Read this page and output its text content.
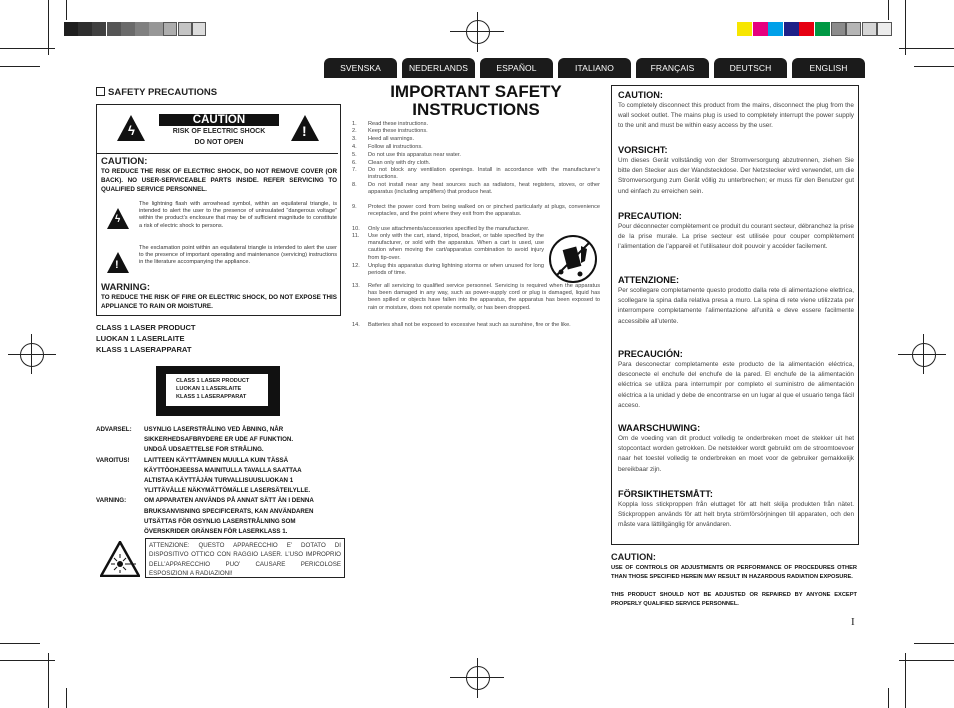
SVENSKA	NEDERLANDS	ESPAÑOL	ITALIANO	FRANÇAIS	DEUTSCH	ENGLISH
SAFETY PRECAUTIONS
ϟ
CAUTION
RISK OF ELECTRIC SHOCK
DO NOT OPEN
!
CAUTION:
TO REDUCE THE RISK OF ELECTRIC SHOCK, DO NOT REMOVE COVER (OR BACK). NO USER-SERVICEABLE PARTS INSIDE. REFER SERVICING TO QUALIFIED SERVICE PERSONNEL.
ϟ
The lightning flash with arrowhead symbol, within an equilateral triangle, is intended to alert the user to the presence of uninsulated “dangerous voltage” within the product’s enclosure that may be of sufficient magnitude to constitute a risk of electric shock to persons.
!
The exclamation point within an equilateral triangle is intended to alert the user to the presence of important operating and maintenance (servicing) instructions in the literature accompanying the appliance.
WARNING:
TO REDUCE THE RISK OF FIRE OR ELECTRIC SHOCK, DO NOT EXPOSE THIS APPLIANCE TO RAIN OR MOISTURE.
CLASS 1 LASER PRODUCT
LUOKAN 1 LASERLAITE
KLASS 1 LASERAPPARAT
CLASS 1 LASER PRODUCT
LUOKAN 1 LASERLAITE
KLASS 1 LASERAPPARAT
ADVARSEL: USYNLIG LASERSTRÅLING VED ÅBNING, NÅR
SIKKERHEDSAFBRYDERE ER UDE AF FUNKTION.
UNDGÅ UDSAETTELSE FOR STRÅLING.
VAROITUS! LAITTEEN KÄYTTÄMINEN MUULLA KUIN TÄSSÄ
KÄYTTÖOHJEESSA MAINITULLA TAVALLA SAATTAA
ALTISTAA KÄYTTÄJÄN TURVALLISUUSLUOKAN 1
YLITTÄVÄLLE NÄKYMÄTTÖMÄLLE LASERSÄTEILYLLE.
VARNING:	OM APPARATEN ANVÄNDS PÅ ANNAT SÄTT ÄN I DENNA
BRUKSANVISNING SPECIFICERATS, KAN ANVÄNDAREN
UTSÄTTAS FÖR OSYNLIG LASERSTRÅLNING SOM
ÖVERSKRIDER GRÄNSEN FÖR LASERKLASS 1.
ATTENZIONE: QUESTO APPARECCHIO E’ DOTATO DI DISPOSITIVO OTTICO CON RAGGIO LASER. L’USO IMPROPRIO DELL’APPARECCHIO PUO’ CAUSARE PERICOLOSE ESPOSIZIONI A RADIAZIONI!
IMPORTANT SAFETY
INSTRUCTIONS
1.	Read these instructions.
2.	Keep these instructions.
3.	Heed all warnings.
4.	Follow all instructions.
5.	Do not use this apparatus near water.
6.	Clean only with dry cloth.
7.	Do not block any ventilation openings. Install in accordance with the manufacturer’s instructions.
8.	Do not install near any heat sources such as radiators, heat registers, stoves, or other apparatus (including amplifiers) that produce heat.
9.	Protect the power cord from being walked on or pinched particularly at plugs, convenience receptacles, and the point where they exit from the apparatus.
10.	Only use attachments/accessories specified by the manufacturer.
11.	Use only with the cart, stand, tripod, bracket, or table specified by the manufacturer, or sold with the apparatus. When a cart is used, use caution when moving the cart/apparatus combination to avoid injury from tip-over.
12.	Unplug this apparatus during lightning storms or when unused for long periods of time.
13.	Refer all servicing to qualified service personnel. Servicing is required when the apparatus has been damaged in any way, such as power-supply cord or plug is damaged, liquid has been spilled or objects have fallen into the apparatus, the apparatus has been exposed to rain or moisture, does not operate normally, or has been dropped.
14.	Batteries shall not be exposed to excessive heat such as sunshine, fire or the like.
CAUTION:
To completely disconnect this product from the mains, disconnect the plug from the wall socket outlet. The mains plug is used to completely interrupt the power supply to the unit and must be within easy access by the user.
VORSICHT:
Um dieses Gerät vollständig von der Stromversorgung abzutrennen, ziehen Sie bitte den Stecker aus der Wandsteckdose. Der Netzstecker wird verwendet, um die Stromversorgung zum Gerät völlig zu unterbrechen; er muss für den Benutzer gut und einfach zu erreichen sein.
PRECAUTION:
Pour déconnecter complètement ce produit du courant secteur, débranchez la prise de la prise murale. La prise secteur est utilisée pour couper complètement l’alimentation de l’appareil et l’utilisateur doit pouvoir y accéder facilement.
ATTENZIONE:
Per scollegare completamente questo prodotto dalla rete di alimentazione elettrica, scollegare la spina dalla relativa presa a muro. La spina di rete viene utilizzata per interrompere completamente l’alimentazione all’unità e deve essere facilmente accessibile all’utente.
PRECAUCIÓN:
Para desconectar completamente este producto de la alimentación eléctrica, desconecte el enchufe del enchufe de la pared. El enchufe de la alimentación eléctrica se utiliza para interrumpir por completo el suministro de alimentación eléctrica a la unidad y debe de encontrarse en un lugar al que el usuario tenga fácil acceso.
WAARSCHUWING:
Om de voeding van dit product volledig te onderbreken moet de stekker uit het stopcontact worden getrokken. De netstekker wordt gebruikt om de stroomtoevoer naar het toestel volledig te onderbreken en moet voor de gebruiker gemakkelijk bereikbaar zijn.
FÖRSIKTIHETSMÅTT:
Koppla loss stickproppen från eluttaget för att helt skilja produkten från nätet. Stickproppen används för att helt bryta strömförsörjningen till apparaten, och den måste vara lättillgänglig för användaren.
CAUTION:
USE OF CONTROLS OR ADJUSTMENTS OR PERFORMANCE OF PROCEDURES OTHER THAN THOSE SPECIFIED HEREIN MAY RESULT IN HAZARDOUS RADIATION EXPOSURE.
THIS PRODUCT SHOULD NOT BE ADJUSTED OR REPAIRED BY ANYONE EXCEPT PROPERLY QUALIFIED SERVICE PERSONNEL.
I
